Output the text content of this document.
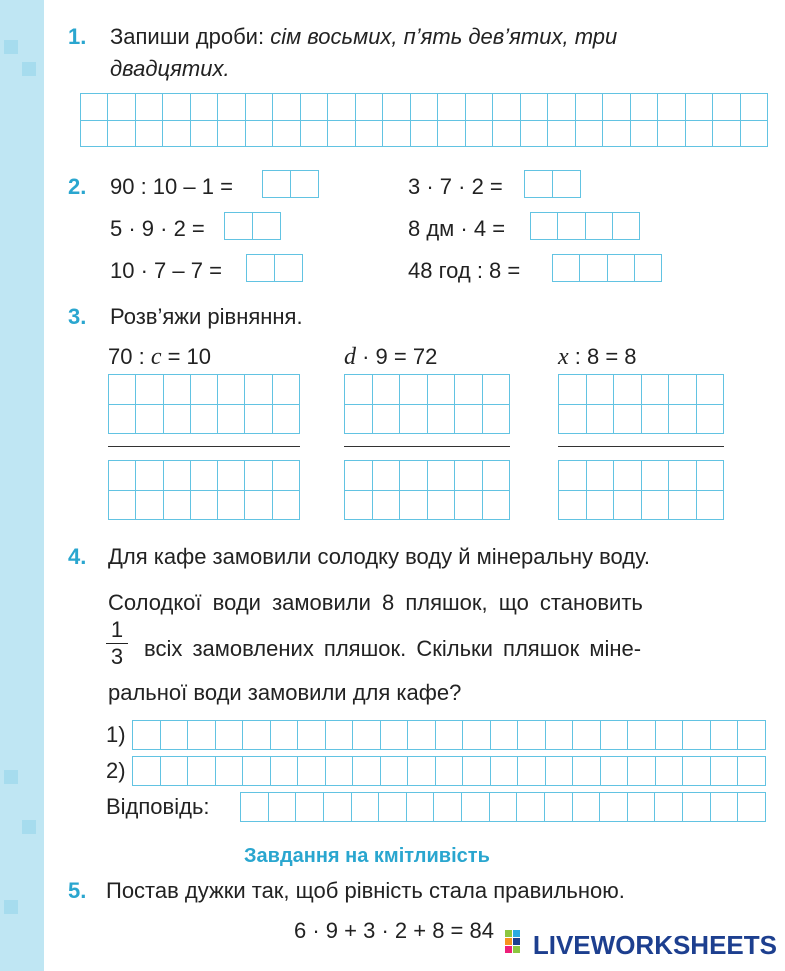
1. Запиши дроби: сім восьмих, п’ять дев’ятих, три
двадцятих.
2. 90 : 10 – 1 =
5 · 9 · 2 =
10 · 7 – 7 =
3 · 7 · 2 =
8 дм · 4 =
48 год : 8 =
3. Розв’яжи рівняння.
70 : c = 10	d · 9 = 72	x : 8 = 8
4. Для кафе замовили солодку воду й мінеральну воду.
Солодкої води замовили 8 пляшок, що становить
1
3 всіх замовлених пляшок. Скільки пляшок міне-
ральної води замовили для кафе?
1)
2)
Відповідь:
Завдання на кмітливість
5. Постав дужки так, щоб рівність стала правильною.
6 · 9 + 3 · 2 + 8 = 84 LIVEWORKSHEETS
